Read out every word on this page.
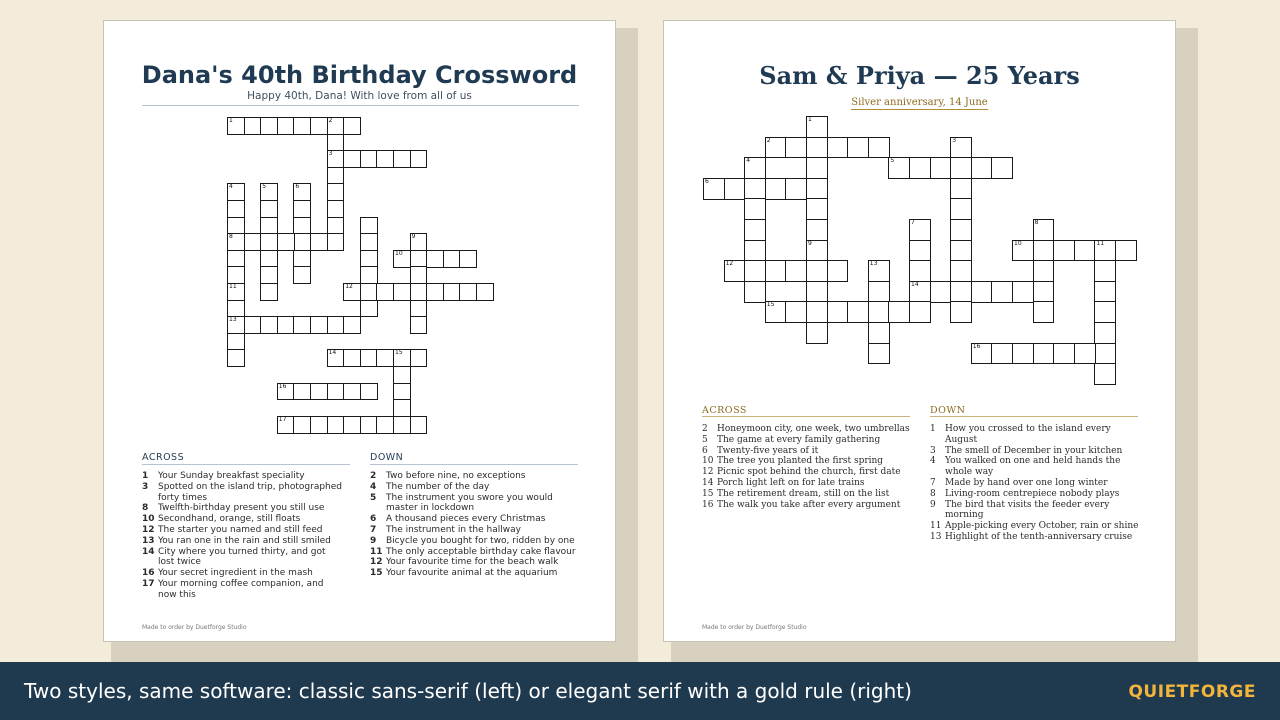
Dana's 40th Birthday Crossword
Happy 40th, Dana! With love from all of us
1	2
3
4
8
5	6
9
10
11
13
12
14	15
16
17
ACROSS
1 Your Sunday breakfast speciality
3 Spotted on the island trip, photographed forty times
8 Twelfth-birthday present you still use
10 Secondhand, orange, still floats
12 The starter you named and still feed
13 You ran one in the rain and still smiled
14 City where you turned thirty, and got lost twice
16 Your secret ingredient in the mash
17 Your morning coffee companion, and now this
DOWN
2 Two before nine, no exceptions
4 The number of the day
5 The instrument you swore you would master in lockdown
6 A thousand pieces every Christmas
7 The instrument in the hallway
9 Bicycle you bought for two, ridden by one
11 The only acceptable birthday cake flavour
12 Your favourite time for the beach walk
15 Your favourite animal at the aquarium
Made to order by Duetforge Studio
Sam & Priya — 25 Years
Silver anniversary, 14 June
1
2	3
4	5
6
7
14
8
9	10	11
12	13
15
16
ACROSS
2 Honeymoon city, one week, two umbrellas
5 The game at every family gathering
6 Twenty-five years of it
10 The tree you planted the first spring
12 Picnic spot behind the church, first date
14 Porch light left on for late trains
15 The retirement dream, still on the list
16 The walk you take after every argument
DOWN
1 How you crossed to the island every August
3 The smell of December in your kitchen
4 You walked on one and held hands the whole way
7 Made by hand over one long winter
8 Living-room centrepiece nobody plays
9 The bird that visits the feeder every morning
11 Apple-picking every October, rain or shine
13 Highlight of the tenth-anniversary cruise
Made to order by Duetforge Studio
Two styles, same software: classic sans-serif (left) or elegant serif with a gold rule (right)	QUIETFORGE
